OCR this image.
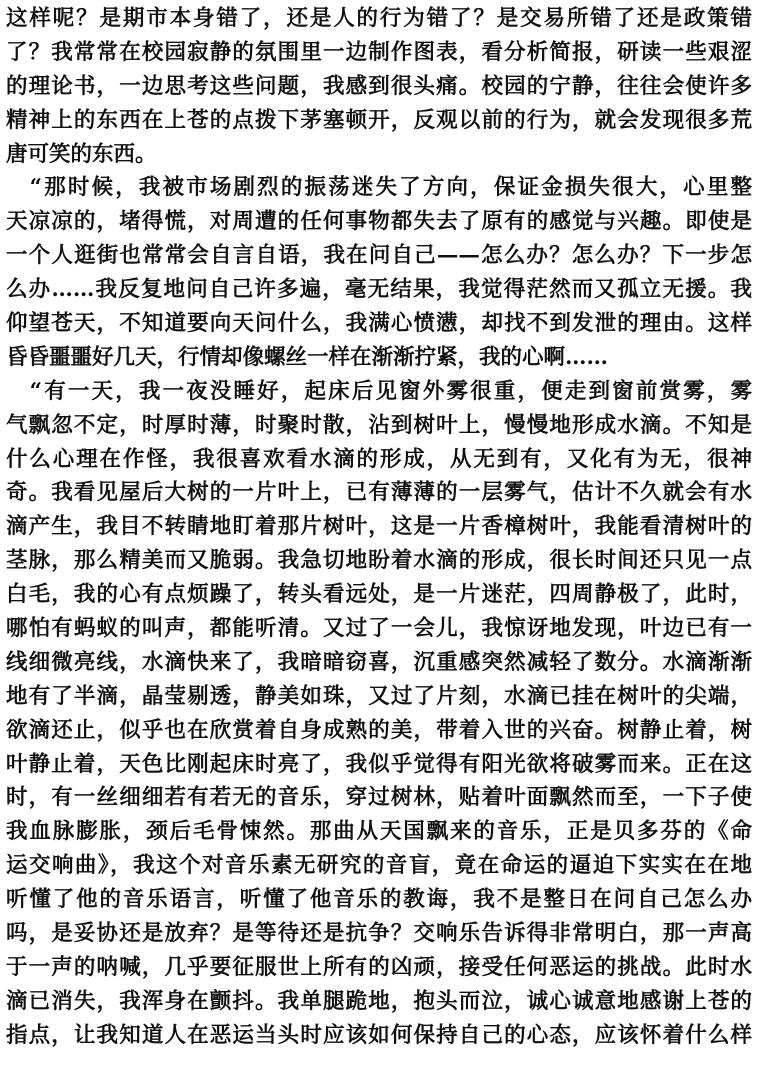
这样呢？是期市本身错了，还是人的行为错了？是交易所错了还是政策错
了？我常常在校园寂静的氛围里一边制作图表，看分析简报，研读一些艰涩
的理论书，一边思考这些问题，我感到很头痛。校园的宁静，往往会使许多
精神上的东西在上苍的点拨下茅塞顿开，反观以前的行为，就会发现很多荒
唐可笑的东西。
　“那时候，我被市场剧烈的振荡迷失了方向，保证金损失很大，心里整
天凉凉的，堵得慌，对周遭的任何事物都失去了原有的感觉与兴趣。即使是
一个人逛街也常常会自言自语，我在问自己——怎么办？怎么办？下一步怎
么办……我反复地问自己许多遍，毫无结果，我觉得茫然而又孤立无援。我
仰望苍天，不知道要向天问什么，我满心愤懑，却找不到发泄的理由。这样
昏昏噩噩好几天，行情却像螺丝一样在渐渐拧紧，我的心啊……
　“有一天，我一夜没睡好，起床后见窗外雾很重，便走到窗前赏雾，雾
气飘忽不定，时厚时薄，时聚时散，沾到树叶上，慢慢地形成水滴。不知是
什么心理在作怪，我很喜欢看水滴的形成，从无到有，又化有为无，很神
奇。我看见屋后大树的一片叶上，已有薄薄的一层雾气，估计不久就会有水
滴产生，我目不转睛地盯着那片树叶，这是一片香樟树叶，我能看清树叶的
茎脉，那么精美而又脆弱。我急切地盼着水滴的形成，很长时间还只见一点
白毛，我的心有点烦躁了，转头看远处，是一片迷茫，四周静极了，此时，
哪怕有蚂蚁的叫声，都能听清。又过了一会儿，我惊讶地发现，叶边已有一
线细微亮线，水滴快来了，我暗暗窃喜，沉重感突然减轻了数分。水滴渐渐
地有了半滴，晶莹剔透，静美如珠，又过了片刻，水滴已挂在树叶的尖端，
欲滴还止，似乎也在欣赏着自身成熟的美，带着入世的兴奋。树静止着，树
叶静止着，天色比刚起床时亮了，我似乎觉得有阳光欲将破雾而来。正在这
时，有一丝细细若有若无的音乐，穿过树林，贴着叶面飘然而至，一下子使
我血脉膨胀，颈后毛骨悚然。那曲从天国飘来的音乐，正是贝多芬的《命
运交响曲》，我这个对音乐素无研究的音盲，竟在命运的逼迫下实实在在地
听懂了他的音乐语言，听懂了他音乐的教诲，我不是整日在问自己怎么办
吗，是妥协还是放弃？是等待还是抗争？交响乐告诉得非常明白，那一声高
于一声的呐喊，几乎要征服世上所有的凶顽，接受任何恶运的挑战。此时水
滴已消失，我浑身在颤抖。我单腿跪地，抱头而泣，诚心诚意地感谢上苍的
指点，让我知道人在恶运当头时应该如何保持自己的心态，应该怀着什么样
